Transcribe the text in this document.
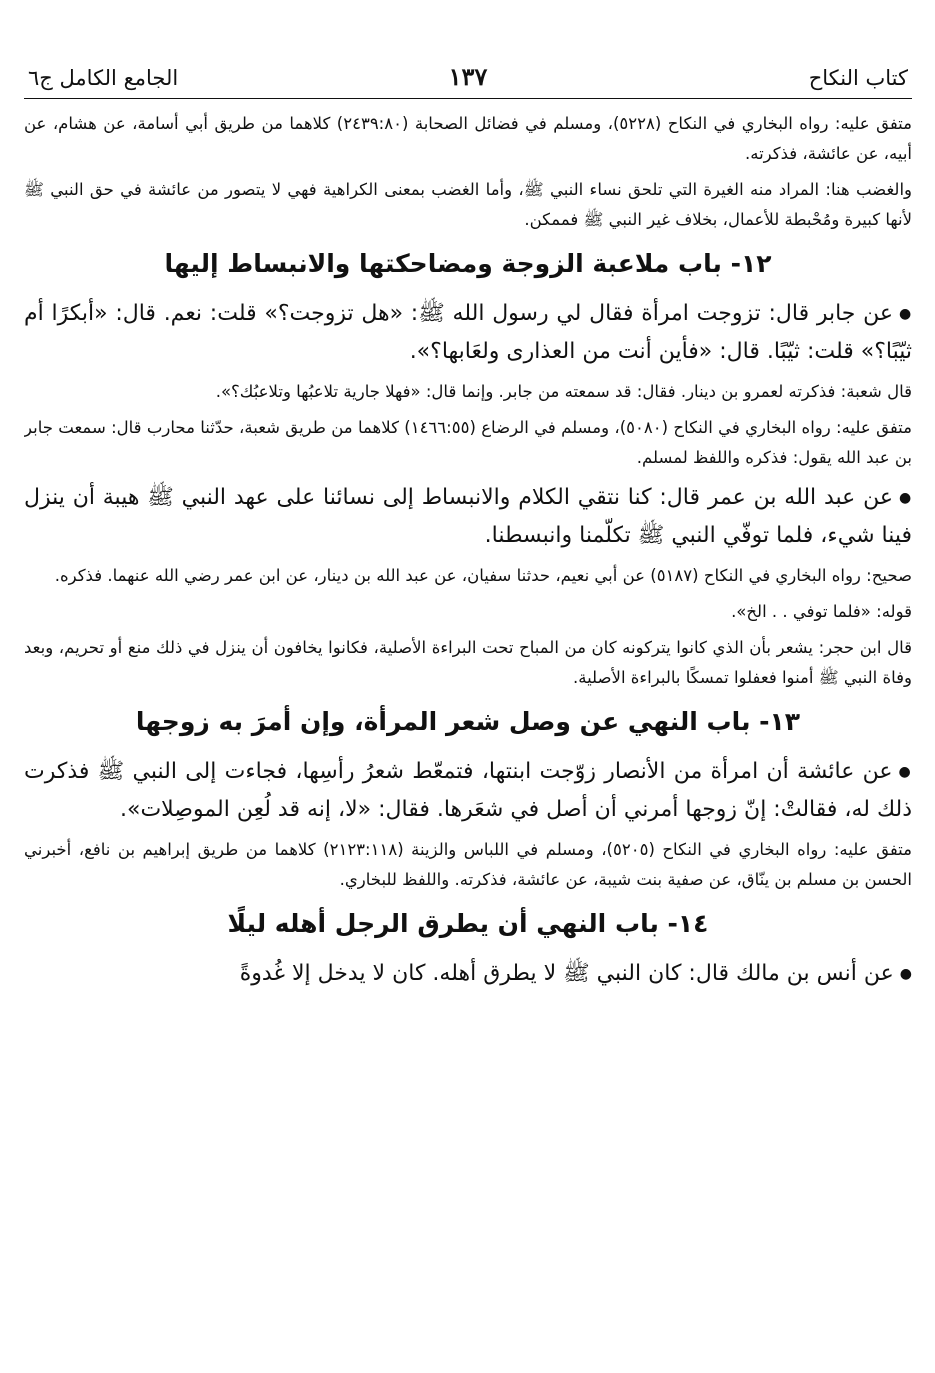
كتاب النكاح
١٣٧
الجامع الكامل ج٦

متفق عليه: رواه البخاري في النكاح (٥٢٢٨)، ومسلم في فضائل الصحابة (٢٤٣٩:٨٠) كلاهما من طريق أبي أسامة، عن هشام، عن أبيه، عن عائشة، فذكرته.

والغضب هنا: المراد منه الغيرة التي تلحق نساء النبي ﷺ، وأما الغضب بمعنى الكراهية فهي لا يتصور من عائشة في حق النبي ﷺ لأنها كبيرة ومُحْبطة للأعمال، بخلاف غير النبي ﷺ فممكن.

١٢- باب ملاعبة الزوجة ومضاحكتها والانبساط إليها

●عن جابر قال: تزوجت امرأة فقال لي رسول الله ﷺ: «هل تزوجت؟» قلت: نعم. قال: «أبكرًا أم ثيّبًا؟» قلت: ثيّبًا. قال: «فأين أنت من العذارى ولعَابها؟».

قال شعبة: فذكرته لعمرو بن دينار. فقال: قد سمعته من جابر. وإنما قال: «فهلا جارية تلاعبُها وتلاعبُك؟».

متفق عليه: رواه البخاري في النكاح (٥٠٨٠)، ومسلم في الرضاع (١٤٦٦:٥٥) كلاهما من طريق شعبة، حدّثنا محارب قال: سمعت جابر بن عبد الله يقول: فذكره واللفظ لمسلم.

●عن عبد الله بن عمر قال: كنا نتقي الكلام والانبساط إلى نسائنا على عهد النبي ﷺ هيبة أن ينزل فينا شيء، فلما توفّي النبي ﷺ تكلّمنا وانبسطنا.

صحيح: رواه البخاري في النكاح (٥١٨٧) عن أبي نعيم، حدثنا سفيان، عن عبد الله بن دينار، عن ابن عمر رضي الله عنهما. فذكره.

قوله: «فلما توفي . . الخ».

قال ابن حجر: يشعر بأن الذي كانوا يتركونه كان من المباح تحت البراءة الأصلية، فكانوا يخافون أن ينزل في ذلك منع أو تحريم، وبعد وفاة النبي ﷺ أمنوا فعفلوا تمسكًا بالبراءة الأصلية.

١٣- باب النهي عن وصل شعر المرأة، وإن أمرَ به زوجها

●عن عائشة أن امرأة من الأنصار زوّجت ابنتها، فتمعّط شعرُ رأسِها، فجاءت إلى النبي ﷺ فذكرت ذلك له، فقالتْ: إنّ زوجها أمرني أن أصل في شعَرها. فقال: «لا، إنه قد لُعِن الموصِلات».

متفق عليه: رواه البخاري في النكاح (٥٢٠٥)، ومسلم في اللباس والزينة (٢١٢٣:١١٨) كلاهما من طريق إبراهيم بن نافع، أخبرني الحسن بن مسلم بن ينّاق، عن صفية بنت شيبة، عن عائشة، فذكرته. واللفظ للبخاري.

١٤- باب النهي أن يطرق الرجل أهله ليلًا

●عن أنس بن مالك قال: كان النبي ﷺ لا يطرق أهله. كان لا يدخل إلا غُدوةً
